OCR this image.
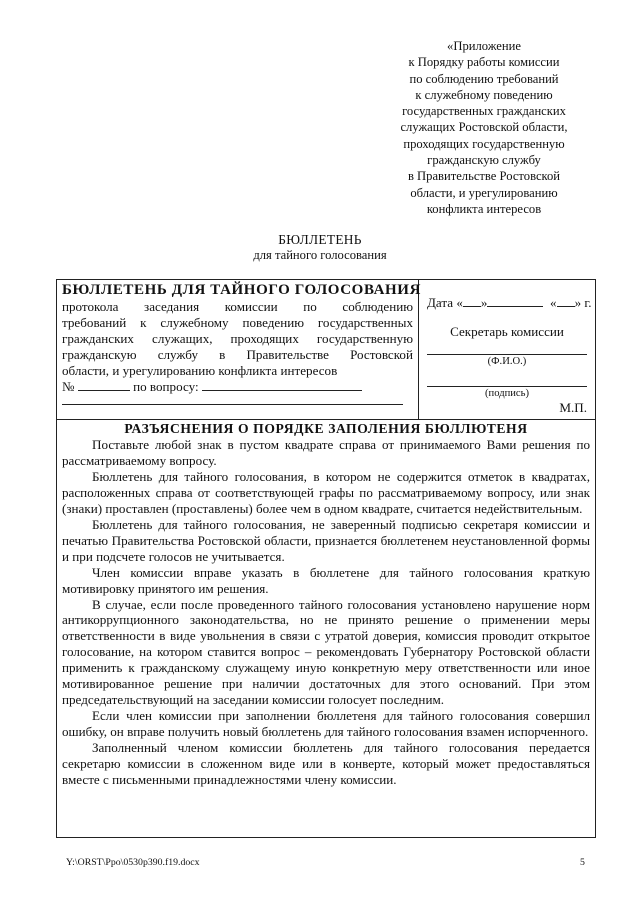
«Приложение
к Порядку работы комиссии
по соблюдению требований
к служебному поведению
государственных гражданских
служащих Ростовской области,
проходящих государственную
гражданскую службу
в Правительстве Ростовской
области, и урегулированию
конфликта интересов
БЮЛЛЕТЕНЬ
для тайного голосования
БЮЛЛЕТЕНЬ ДЛЯ ТАЙНОГО ГОЛОСОВАНИЯ
протокола заседания комиссии по соблюдению
требований к служебному поведению государственных
гражданских служащих, проходящих государственную
гражданскую службу в Правительстве Ростовской
области, и урегулированию конфликта интересов
№	по вопросу:
Дата « »	« » г.
Секретарь комиссии
(Ф.И.О.)
(подпись)
М.П.
РАЗЪЯСНЕНИЯ О ПОРЯДКЕ ЗАПОЛЕНИЯ БЮЛЛЮТЕНЯ
Поставьте любой знак в пустом квадрате справа от принимаемого Вами решения по рассматриваемому вопросу.
Бюллетень для тайного голосования, в котором не содержится отметок в квадратах, расположенных справа от соответствующей графы по рассматриваемому вопросу, или знак (знаки) проставлен (проставлены) более чем в одном квадрате, считается недействительным.
Бюллетень для тайного голосования, не заверенный подписью секретаря комиссии и печатью Правительства Ростовской области, признается бюллетенем неустановленной формы и при подсчете голосов не учитывается.
Член комиссии вправе указать в бюллетене для тайного голосования краткую мотивировку принятого им решения.
В случае, если после проведенного тайного голосования установлено нарушение норм антикоррупционного законодательства, но не принято решение о применении меры ответственности в виде увольнения в связи с утратой доверия, комиссия проводит открытое голосование, на котором ставится вопрос – рекомендовать Губернатору Ростовской области применить к гражданскому служащему иную конкретную меру ответственности или иное мотивированное решение при наличии достаточных для этого оснований. При этом председательствующий на заседании комиссии голосует последним.
Если член комиссии при заполнении бюллетеня для тайного голосования совершил ошибку, он вправе получить новый бюллетень для тайного голосования взамен испорченного.
Заполненный членом комиссии бюллетень для тайного голосования передается секретарю комиссии в сложенном виде или в конверте, который может предоставляться вместе с письменными принадлежностями члену комиссии.
Y:\ORST\Ppo\0530p390.f19.docx	5
